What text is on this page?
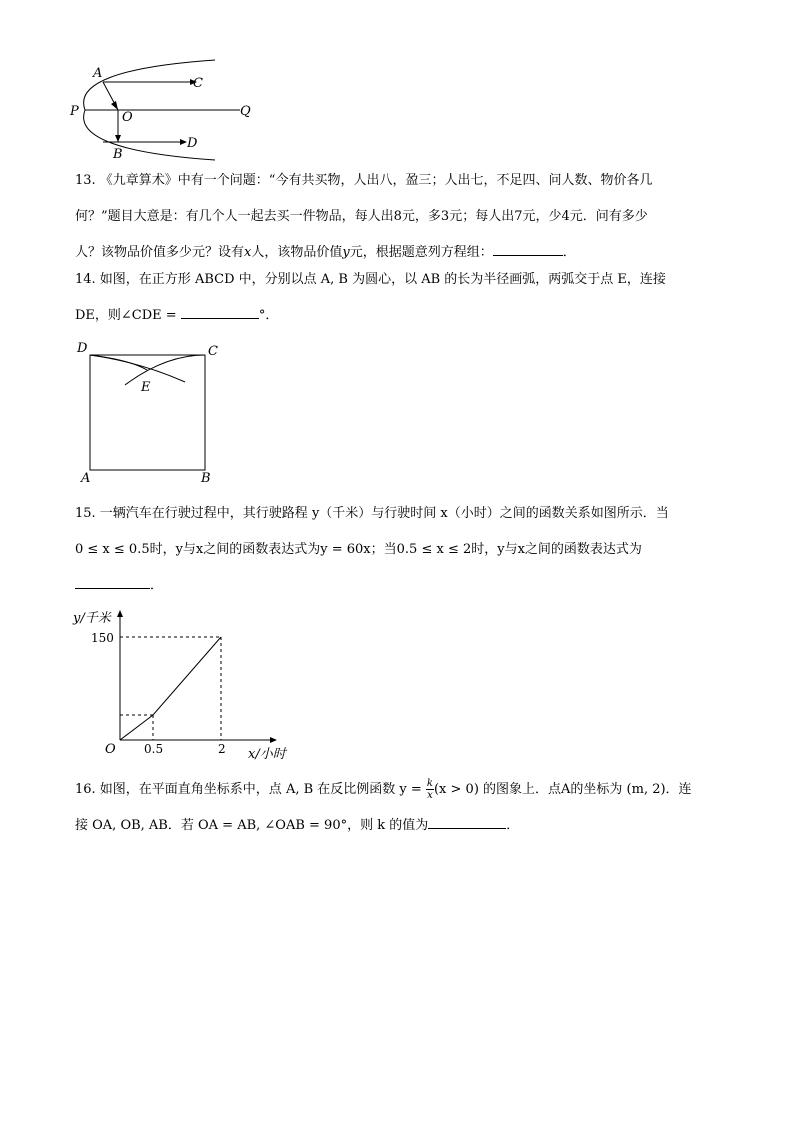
A
C
P	O	Q
B
D
13. 《九章算术》中有一个问题：“今有共买物，人出八，盈三；人出七，不足四、问人数、物价各几
何？”题目大意是：有几个人一起去买一件物品，每人出8元，多3元；每人出7元，少4元．问有多少
人？该物品价值多少元？设有x人，该物品价值y元，根据题意列方程组：	．
14. 如图，在正方形 ABCD 中，分别以点 A, B 为圆心，以 AB 的长为半径画弧，两弧交于点 E，连接
DE，则∠CDE =	°．
D	C
E
A	B
15. 一辆汽车在行驶过程中，其行驶路程 y（千米）与行驶时间 x（小时）之间的函数关系如图所示．当
0 ≤ x ≤ 0.5时，y与x之间的函数表达式为y = 60x；当0.5 ≤ x ≤ 2时，y与x之间的函数表达式为
．
y/千米
150
O 0.5	2 x/小时
16. 如图，在平面直角坐标系中，点 A, B 在反比例函数 $y = \frac{k}{x} (x > 0)$ 的图象上．点A的坐标为 (m, 2)．连
接 OA, OB, AB．若 OA = AB, ∠OAB = 90°，则 k 的值为	．
